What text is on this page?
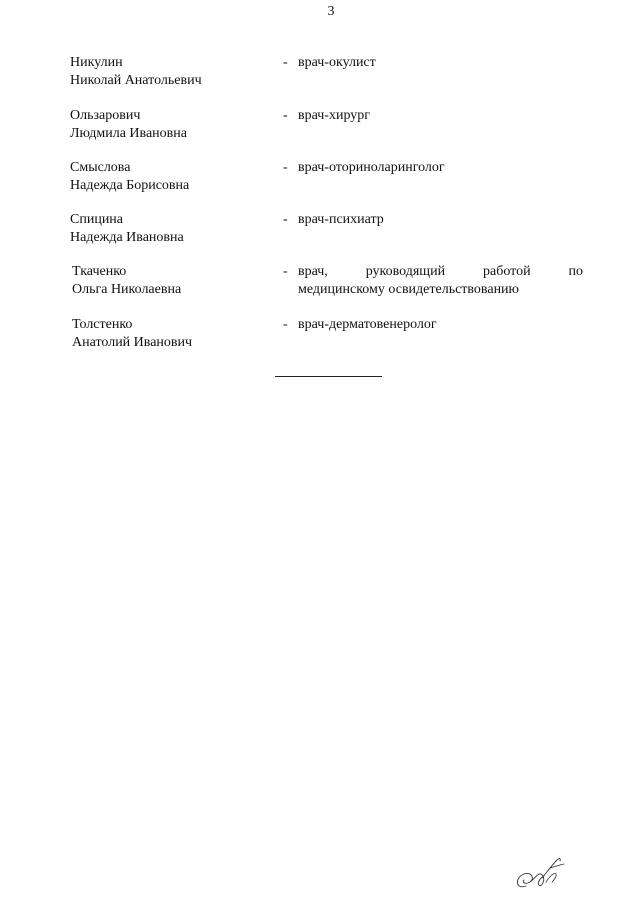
3
Никулин
Николай Анатольевич
- врач-окулист
Ользарович
Людмила Ивановна
- врач-хирург
Смыслова
Надежда Борисовна
- врач-оториноларинголог
Спицина
Надежда Ивановна
- врач-психиатр
Ткаченко
Ольга Николаевна
- врач, руководящий работой по
медицинскому освидетельствованию
Толстенко
Анатолий Иванович
- врач-дерматовенеролог
